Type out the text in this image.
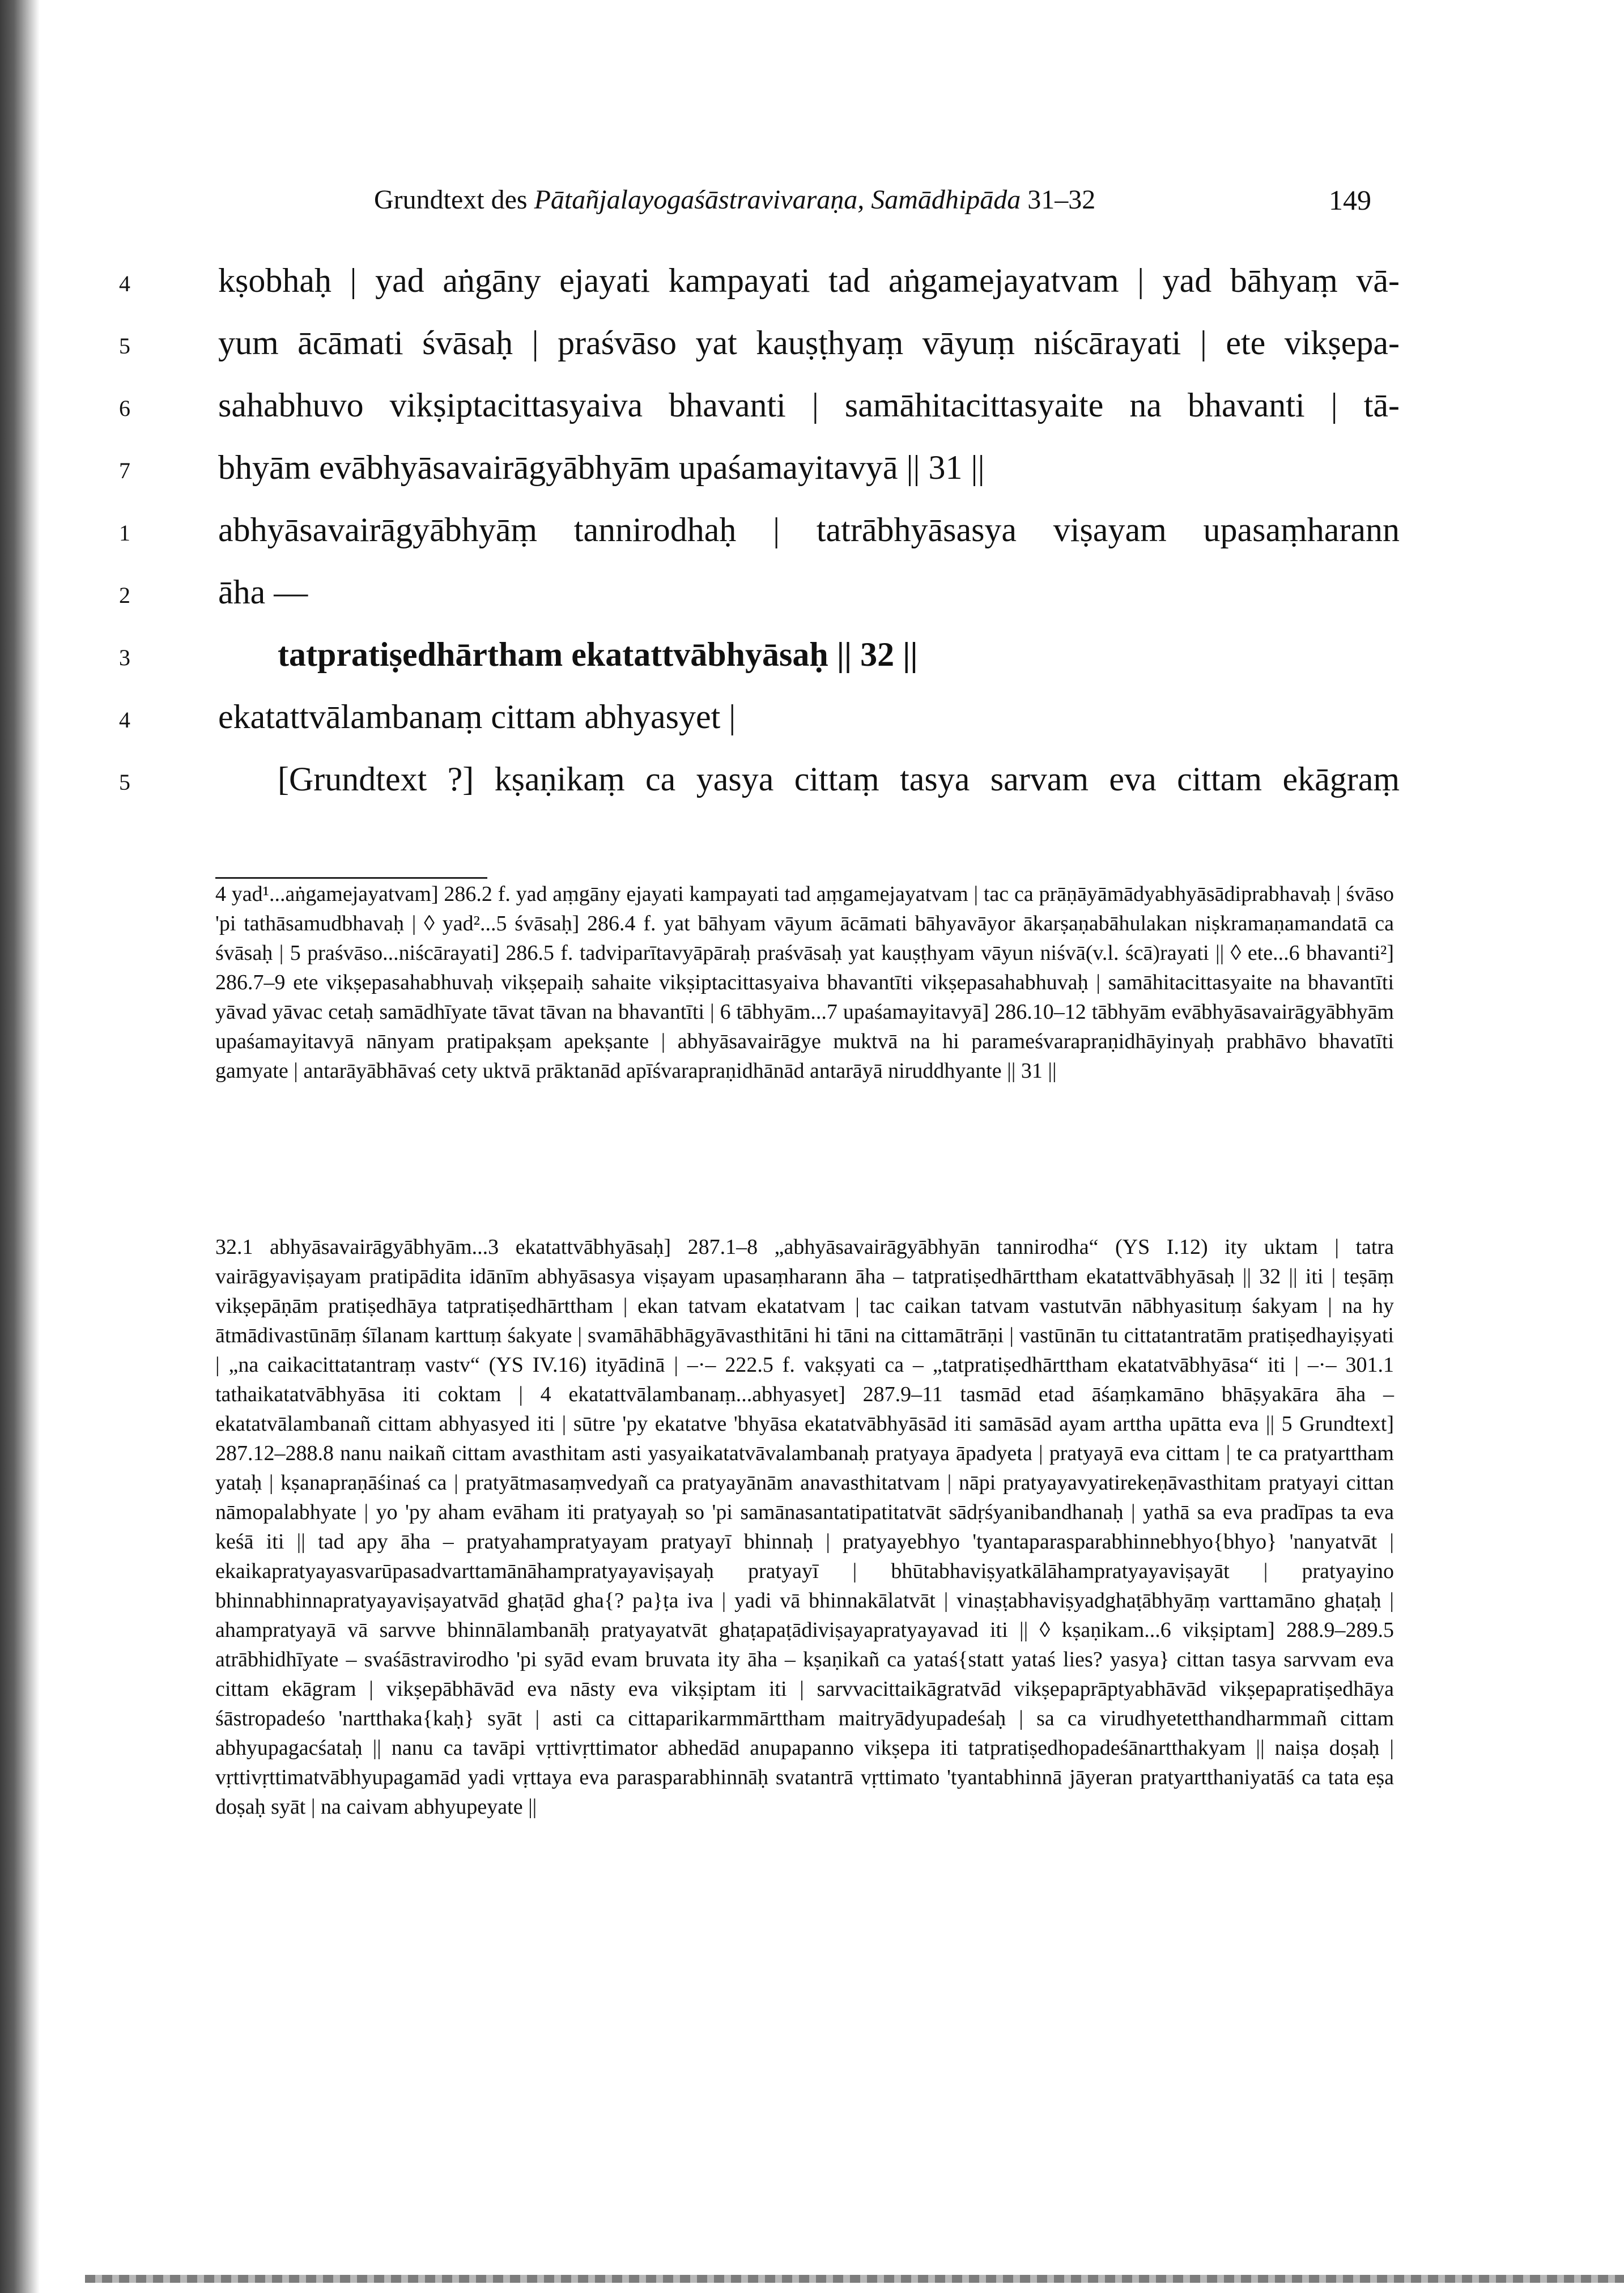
Grundtext des Pātañjalayogaśāstravivaraṇa, Samādhipāda 31–32	149
4	kṣobhaḥ | yad aṅgāny ejayati kampayati tad aṅgamejayatvam | yad bāhyaṃ vā-
5	yum ācāmati śvāsaḥ | praśvāso yat kauṣṭhyaṃ vāyuṃ niścārayati | ete vikṣepa-
6	sahabhuvo vikṣiptacittasyaiva bhavanti | samāhitacittasyaite na bhavanti | tā-
7	bhyām evābhyāsavairāgyābhyām upaśamayitavyā || 31 ||
1	abhyāsavairāgyābhyāṃ tannirodhaḥ | tatrābhyāsasya viṣayam upasaṃharann
2	āha —
3	tatpratiṣedhārtham ekatattvābhyāsaḥ || 32 ||
4	ekatattvālambanaṃ cittam abhyasyet |
5	[Grundtext ?] kṣaṇikaṃ ca yasya cittaṃ tasya sarvam eva cittam ekāgraṃ

4 yad¹...aṅgamejayatvam] 286.2 f. yad aṃgāny ejayati kampayati tad aṃgamejayatvam | tac ca prāṇāyāmādyabhyāsādiprabhavaḥ | śvāso 'pi tathāsamudbhavaḥ | ◊ yad²...5 śvāsaḥ] 286.4 f. yat bāhyam vāyum ācāmati bāhyavāyor ākarṣaṇabāhulakan niṣkramaṇamandatā ca śvāsaḥ | 5 praśvāso...niścārayati] 286.5 f. tadviparītavyāpāraḥ praśvāsaḥ yat kauṣṭhyam vāyun niśvā(v.l. ścā)rayati || ◊ ete...6 bhavanti²] 286.7–9 ete vikṣepasahabhuvaḥ vikṣepaiḥ sahaite vikṣiptacittasyaiva bhavantīti vikṣepasahabhuvaḥ | samāhitacittasyaite na bhavantīti yāvad yāvac cetaḥ samādhīyate tāvat tāvan na bhavantīti | 6 tābhyām...7 upaśamayitavyā] 286.10–12 tābhyām evābhyāsavairāgyābhyām upaśamayitavyā nānyam pratipakṣam apekṣante | abhyāsavairāgye muktvā na hi parameśvarapraṇidhāyinyaḥ prabhāvo bhavatīti gamyate | antarāyābhāvaś cety uktvā prāktanād apīśvarapraṇidhānād antarāyā niruddhyante || 31 ||

32.1 abhyāsavairāgyābhyām...3 ekatattvābhyāsaḥ] 287.1–8 „abhyāsavairāgyābhyān tannirodha“ (YS I.12) ity uktam | tatra vairāgyaviṣayam pratipādita idānīm abhyāsasya viṣayam upasaṃharann āha – tatpratiṣedhārttham ekatattvābhyāsaḥ || 32 || iti | teṣāṃ vikṣepāṇām pratiṣedhāya tatpratiṣedhārttham | ekan tatvam ekatatvam | tac caikan tatvam vastutvān nābhyasituṃ śakyam | na hy ātmādivastūnāṃ śīlanam karttuṃ śakyate | svamāhābhāgyāvasthitāni hi tāni na cittamātrāṇi | vastūnān tu cittatantratām pratiṣedhayiṣyati | „na caikacittatantraṃ vastv“ (YS IV.16) ityādinā | –·– 222.5 f. vakṣyati ca – „tatpratiṣedhārttham ekatatvābhyāsa“ iti | –·– 301.1 tathaikatatvābhyāsa iti coktam | 4 ekatattvālambanaṃ...abhyasyet] 287.9–11 tasmād etad āśaṃkamāno bhāṣyakāra āha – ekatatvālambanañ cittam abhyasyed iti | sūtre 'py ekatatve 'bhyāsa ekatatvābhyāsād iti samāsād ayam arttha upātta eva || 5 Grundtext] 287.12–288.8 nanu naikañ cittam avasthitam asti yasyaikatatvāvalambanaḥ pratyaya āpadyeta | pratyayā eva cittam | te ca pratyarttham yataḥ | kṣanapraṇāśinaś ca | pratyātmasaṃvedyañ ca pratyayānām anavasthitatvam | nāpi pratyayavyatirekeṇāvasthitam pratyayi cittan nāmopalabhyate | yo 'py aham evāham iti pratyayaḥ so 'pi samānasantatipatitatvāt sādṛśyanibandhanaḥ | yathā sa eva pradīpas ta eva keśā iti || tad apy āha – pratyahampratyayam pratyayī bhinnaḥ | pratyayebhyo 'tyantaparasparabhinnebhyo{bhyo} 'nanyatvāt | ekaikapratyayasvarūpasadvarttamānāhampratyayaviṣayaḥ pratyayī | bhūtabhaviṣyatkālāhampratyayaviṣayāt | pratyayino bhinnabhinnapratyayaviṣayatvād ghaṭād gha{? pa}ṭa iva | yadi vā bhinnakālatvāt | vinaṣṭabhaviṣyadghaṭābhyāṃ varttamāno ghaṭaḥ | ahampratyayā vā sarvve bhinnālambanāḥ pratyayatvāt ghaṭapaṭādiviṣayapratyayavad iti || ◊ kṣaṇikam...6 vikṣiptam] 288.9–289.5 atrābhidhīyate – svaśāstravirodho 'pi syād evam bruvata ity āha – kṣaṇikañ ca yataś{statt yataś lies? yasya} cittan tasya sarvvam eva cittam ekāgram | vikṣepābhāvād eva nāsty eva vikṣiptam iti | sarvvacittaikāgratvād vikṣepaprāptyabhāvād vikṣepapratiṣedhāya śāstropadeśo 'nartthaka{kaḥ} syāt | asti ca cittaparikarmmārttham maitryādyupadeśaḥ | sa ca virudhyetetthandharmmañ cittam abhyupagacśataḥ || nanu ca tavāpi vṛttivṛttimator abhedād anupapanno vikṣepa iti tatpratiṣedhopadeśānartthakyam || naiṣa doṣaḥ | vṛttivṛttimatvābhyupagamād yadi vṛttaya eva parasparabhinnāḥ svatantrā vṛttimato 'tyantabhinnā jāyeran pratyartthaniyatāś ca tata eṣa doṣaḥ syāt | na caivam abhyupeyate ||
